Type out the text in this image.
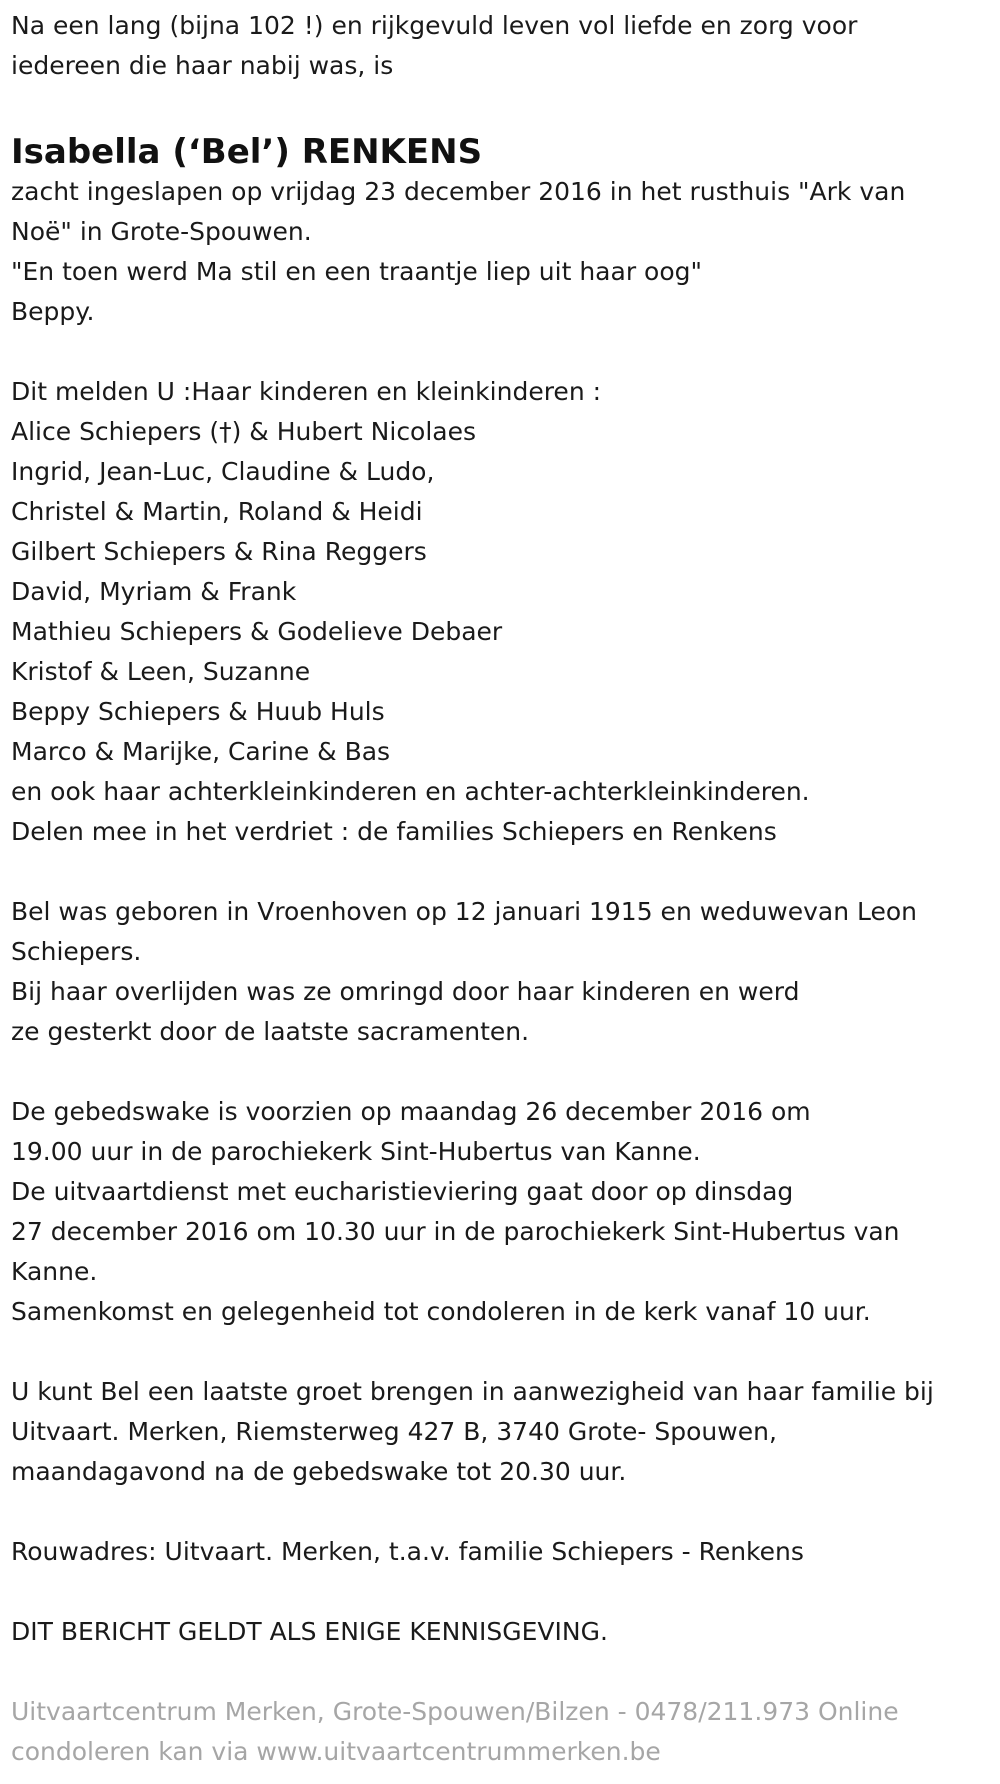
Na een lang (bijna 102 !) en rijkgevuld leven vol liefde en zorg voor
iedereen die haar nabij was, is
Isabella (‘Bel’) RENKENS
zacht ingeslapen op vrijdag 23 december 2016 in het rusthuis "Ark van
Noë" in Grote-Spouwen.
"En toen werd Ma stil en een traantje liep uit haar oog"
Beppy.
Dit melden U :Haar kinderen en kleinkinderen :
Alice Schiepers (†) & Hubert Nicolaes
Ingrid, Jean-Luc, Claudine & Ludo,
Christel & Martin, Roland & Heidi
Gilbert Schiepers & Rina Reggers
David, Myriam & Frank
Mathieu Schiepers & Godelieve Debaer
Kristof & Leen, Suzanne
Beppy Schiepers & Huub Huls
Marco & Marijke, Carine & Bas
en ook haar achterkleinkinderen en achter-achterkleinkinderen.
Delen mee in het verdriet : de families Schiepers en Renkens
Bel was geboren in Vroenhoven op 12 januari 1915 en weduwevan Leon
Schiepers.
Bij haar overlijden was ze omringd door haar kinderen en werd
ze gesterkt door de laatste sacramenten.
De gebedswake is voorzien op maandag 26 december 2016 om
19.00 uur in de parochiekerk Sint-Hubertus van Kanne.
De uitvaartdienst met eucharistieviering gaat door op dinsdag
27 december 2016 om 10.30 uur in de parochiekerk Sint-Hubertus van
Kanne.
Samenkomst en gelegenheid tot condoleren in de kerk vanaf 10 uur.
U kunt Bel een laatste groet brengen in aanwezigheid van haar familie bij
Uitvaart. Merken, Riemsterweg 427 B, 3740 Grote- Spouwen,
maandagavond na de gebedswake tot 20.30 uur.
Rouwadres: Uitvaart. Merken, t.a.v. familie Schiepers - Renkens
DIT BERICHT GELDT ALS ENIGE KENNISGEVING.
Uitvaartcentrum Merken, Grote-Spouwen/Bilzen - 0478/211.973 Online
condoleren kan via www.uitvaartcentrummerken.be
